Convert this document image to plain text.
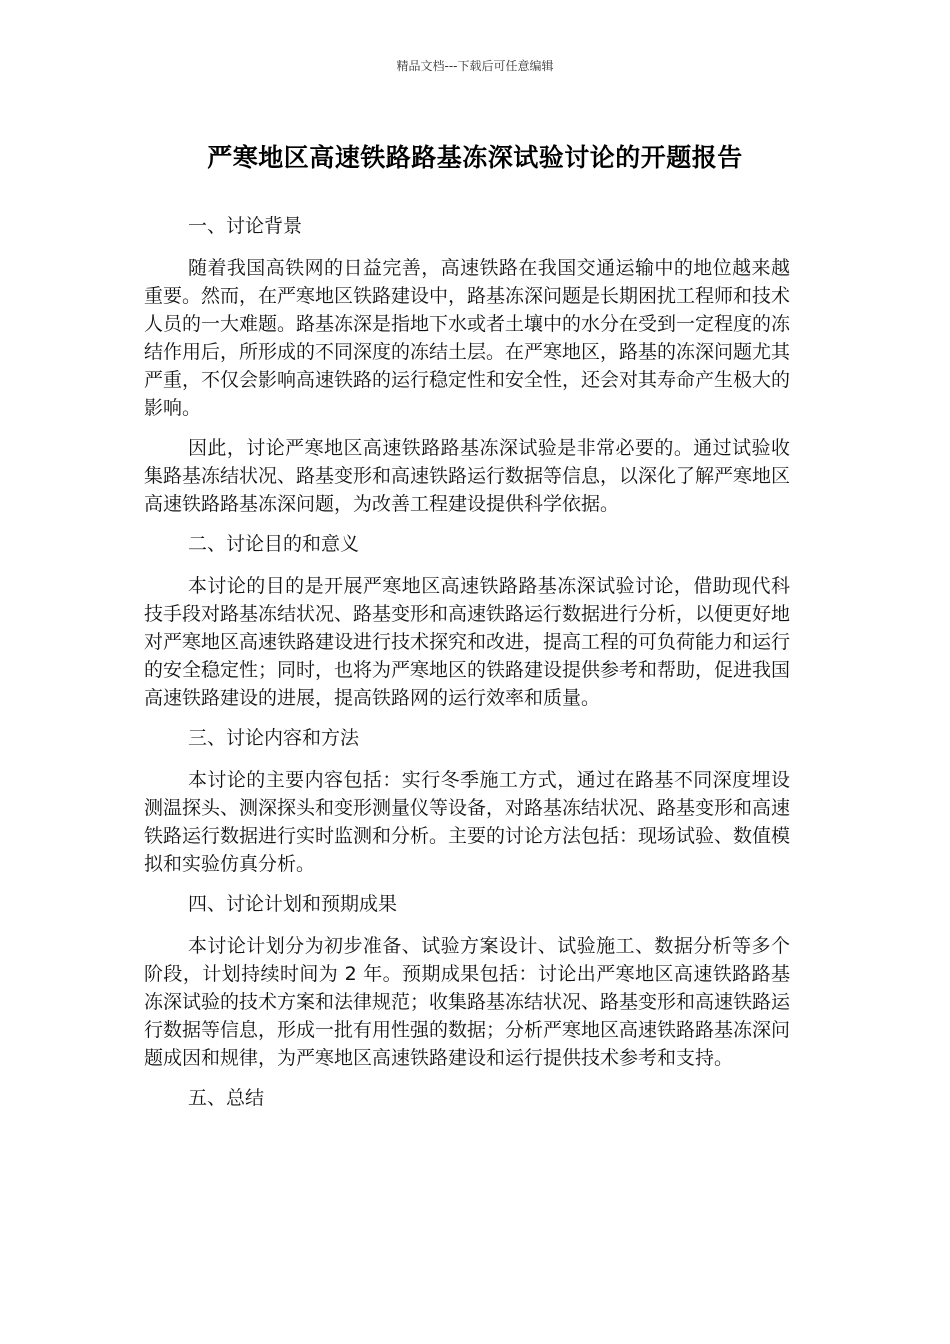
精品文档---下载后可任意编辑
严寒地区高速铁路路基冻深试验讨论的开题报告
一、讨论背景

随着我国高铁网的日益完善，高速铁路在我国交通运输中的地位越来越重要。然而，在严寒地区铁路建设中，路基冻深问题是长期困扰工程师和技术人员的一大难题。路基冻深是指地下水或者土壤中的水分在受到一定程度的冻结作用后，所形成的不同深度的冻结土层。在严寒地区，路基的冻深问题尤其严重，不仅会影响高速铁路的运行稳定性和安全性，还会对其寿命产生极大的影响。

因此，讨论严寒地区高速铁路路基冻深试验是非常必要的。通过试验收集路基冻结状况、路基变形和高速铁路运行数据等信息，以深化了解严寒地区高速铁路路基冻深问题，为改善工程建设提供科学依据。

二、讨论目的和意义

本讨论的目的是开展严寒地区高速铁路路基冻深试验讨论，借助现代科技手段对路基冻结状况、路基变形和高速铁路运行数据进行分析，以便更好地对严寒地区高速铁路建设进行技术探究和改进，提高工程的可负荷能力和运行的安全稳定性；同时，也将为严寒地区的铁路建设提供参考和帮助，促进我国高速铁路建设的进展，提高铁路网的运行效率和质量。

三、讨论内容和方法

本讨论的主要内容包括：实行冬季施工方式，通过在路基不同深度埋设测温探头、测深探头和变形测量仪等设备，对路基冻结状况、路基变形和高速铁路运行数据进行实时监测和分析。主要的讨论方法包括：现场试验、数值模拟和实验仿真分析。

四、讨论计划和预期成果

本讨论计划分为初步准备、试验方案设计、试验施工、数据分析等多个阶段，计划持续时间为 2 年。预期成果包括：讨论出严寒地区高速铁路路基冻深试验的技术方案和法律规范；收集路基冻结状况、路基变形和高速铁路运行数据等信息，形成一批有用性强的数据；分析严寒地区高速铁路路基冻深问题成因和规律，为严寒地区高速铁路建设和运行提供技术参考和支持。

五、总结
